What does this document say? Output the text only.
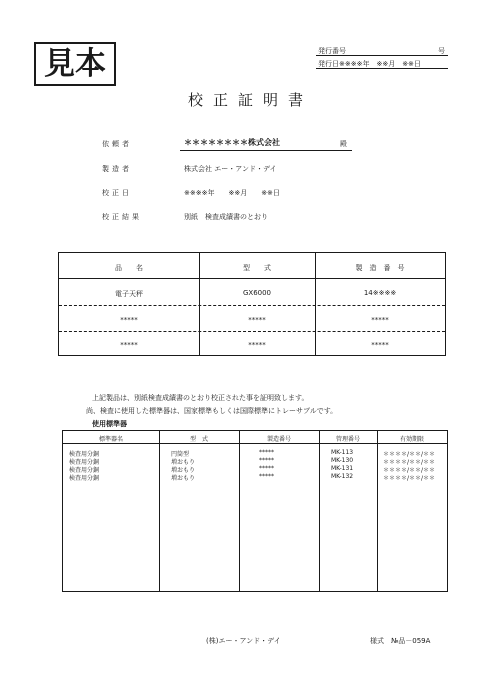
見本	発行番号	号
発行日※※※※年　※※月　※※日
校正証明書
依頼者	＊＊＊＊＊＊＊＊株式会社	殿
製造者	株式会社 エー・アンド・デイ
校正日	※※※※年　　※※月　　※※日
校正結果	別紙　検査成績書のとおり
品　　名	型　　式	製　造　番　号
電子天秤	GX6000	14※※※※
*****	*****	*****
*****	*****	*****
上記製品は、別紙検査成績書のとおり校正された事を証明致します。
尚、検査に使用した標準器は、国家標準もしくは国際標準にトレーサブルです。
使用標準器
標準器名	型　式	製造番号	管理番号	有効期限
検査用分銅	円筒型	*****	MK-113	＊＊＊＊/＊＊/＊＊
検査用分銅	増おもり	*****	MK-130	＊＊＊＊/＊＊/＊＊
検査用分銅	増おもり	*****	MK-131	＊＊＊＊/＊＊/＊＊
検査用分銅	増おもり	*****	MK-132	＊＊＊＊/＊＊/＊＊
(株)エー・アンド・デイ	様式　№品－059A
